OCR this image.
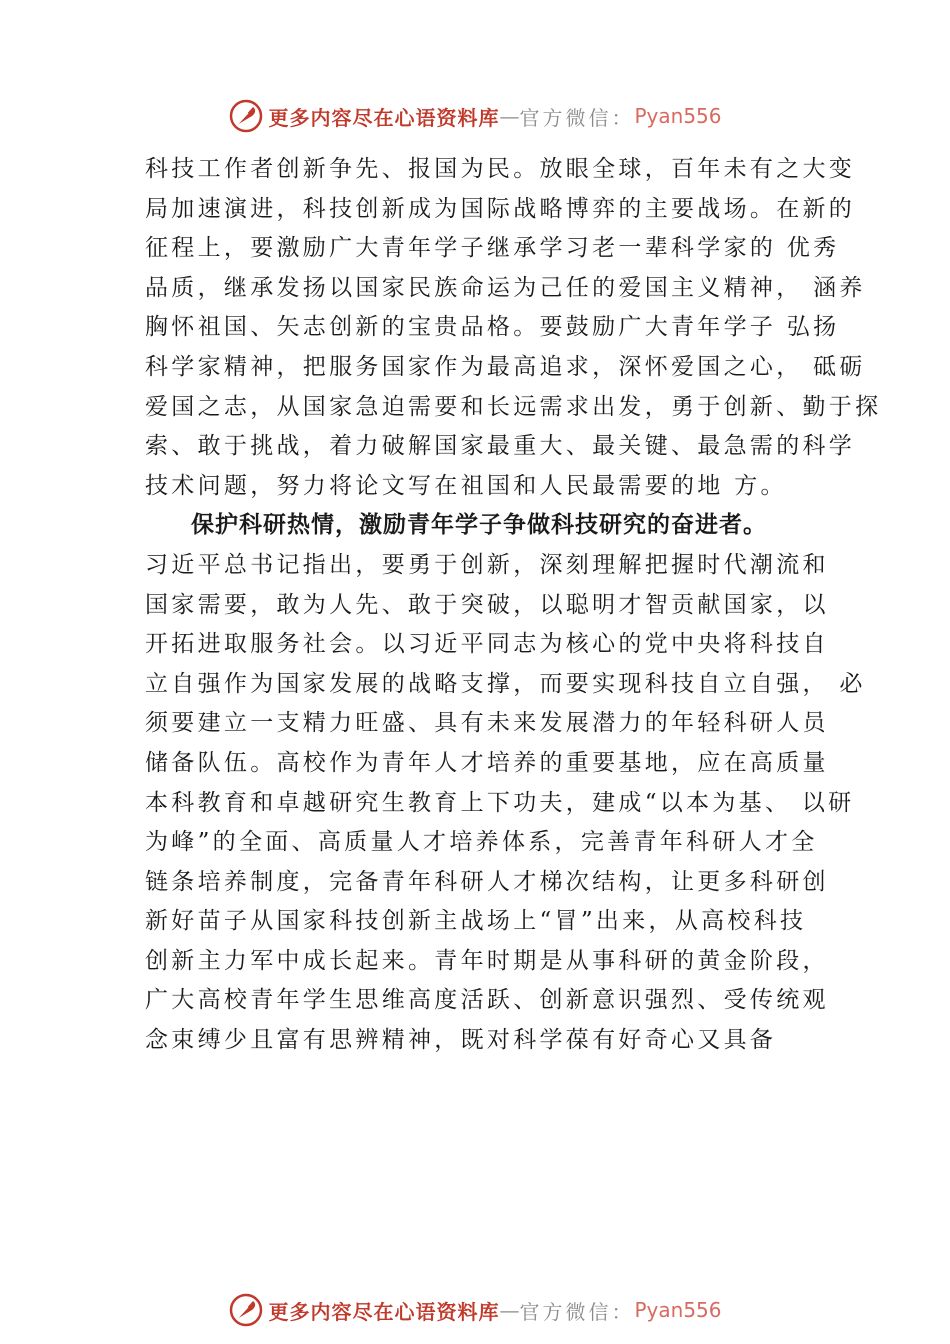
更多内容尽在心语资料库 — 官方微信： Pyan556
科技工作者创新争先、报国为民。放眼全球，百年未有之大变
局加速演进，科技创新成为国际战略博弈的主要战场。在新的
征程上，要激励广大青年学子继承学习老一辈科学家的 优秀
品质，继承发扬以国家民族命运为己任的爱国主义精神， 涵养
胸怀祖国、矢志创新的宝贵品格。要鼓励广大青年学子 弘扬
科学家精神，把服务国家作为最高追求，深怀爱国之心， 砥砺
爱国之志，从国家急迫需要和长远需求出发，勇于创新、勤于探
索、敢于挑战，着力破解国家最重大、最关键、最急需的科学
技术问题，努力将论文写在祖国和人民最需要的地 方。
保护科研热情，激励青年学子争做科技研究的奋进者。
习近平总书记指出，要勇于创新，深刻理解把握时代潮流和
国家需要，敢为人先、敢于突破，以聪明才智贡献国家，以
开拓进取服务社会。以习近平同志为核心的党中央将科技自
立自强作为国家发展的战略支撑，而要实现科技自立自强， 必
须要建立一支精力旺盛、具有未来发展潜力的年轻科研人员
储备队伍。高校作为青年人才培养的重要基地，应在高质量
本科教育和卓越研究生教育上下功夫，建成“以本为基、 以研
为峰”的全面、高质量人才培养体系，完善青年科研人才全
链条培养制度，完备青年科研人才梯次结构，让更多科研创
新好苗子从国家科技创新主战场上“冒”出来，从高校科技
创新主力军中成长起来。青年时期是从事科研的黄金阶段，
广大高校青年学生思维高度活跃、创新意识强烈、受传统观
念束缚少且富有思辨精神，既对科学葆有好奇心又具备
更多内容尽在心语资料库 — 官方微信： Pyan556
